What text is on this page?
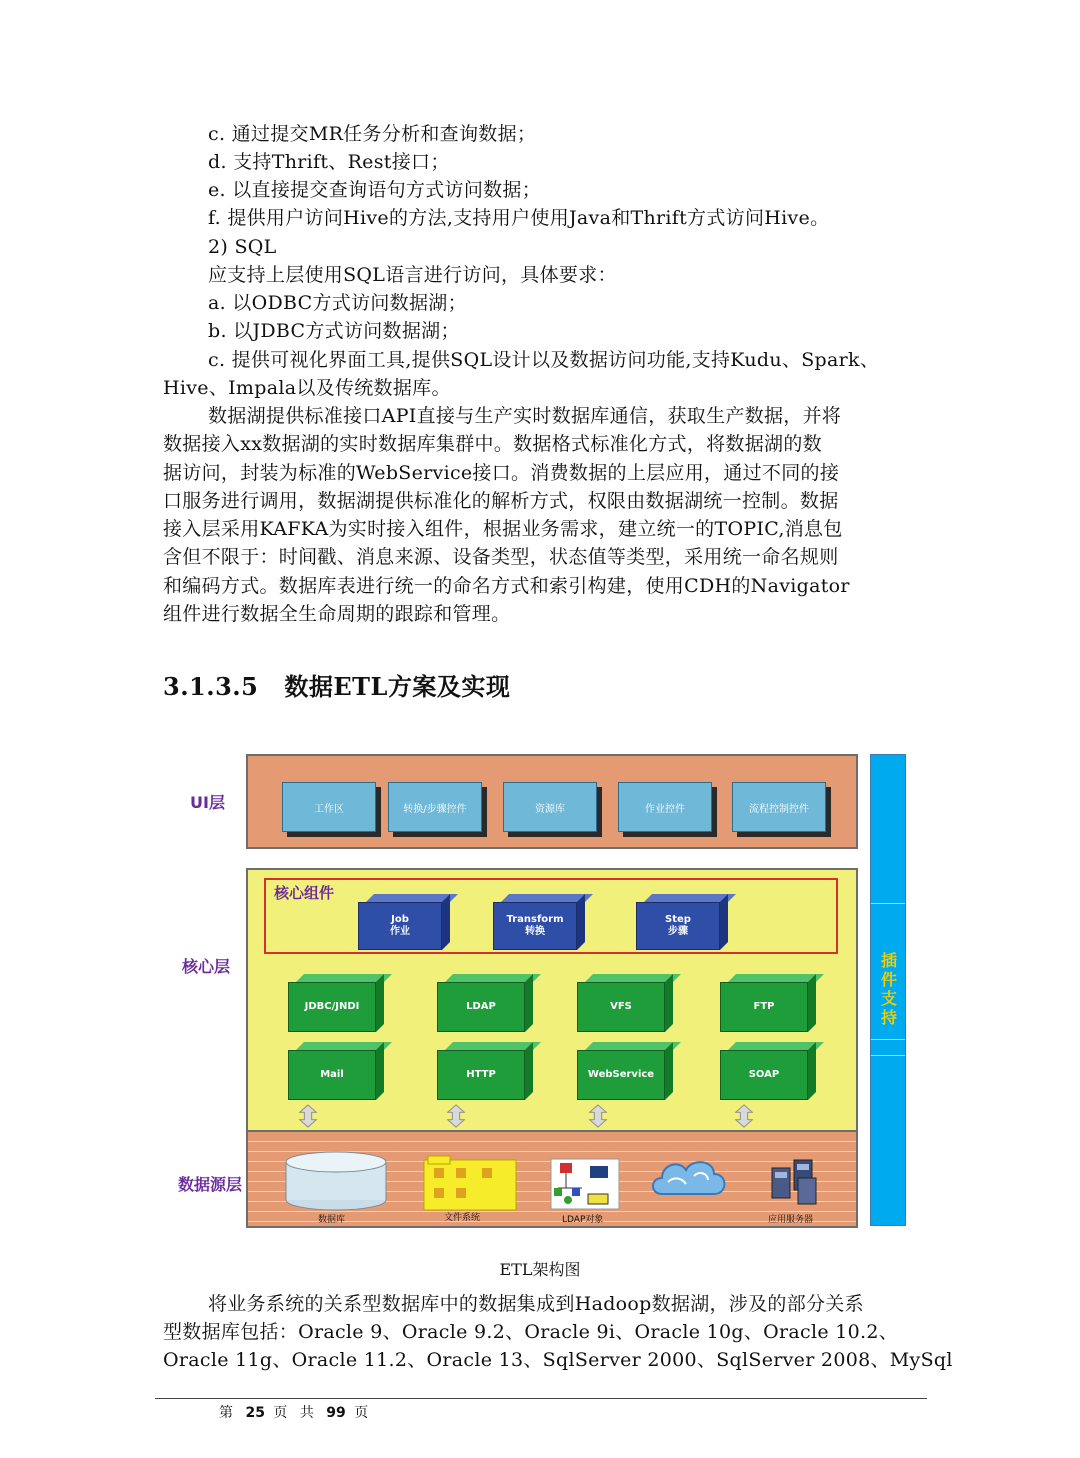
c. 通过提交MR任务分析和查询数据；
d. 支持Thrift、Rest接口；
e. 以直接提交查询语句方式访问数据；
f. 提供用户访问Hive的方法,支持用户使用Java和Thrift方式访问Hive。
2) SQL
应支持上层使用SQL语言进行访问，具体要求：
a. 以ODBC方式访问数据湖；
b. 以JDBC方式访问数据湖；
c. 提供可视化界面工具,提供SQL设计以及数据访问功能,支持Kudu、Spark、
Hive、Impala以及传统数据库。
数据湖提供标准接口API直接与生产实时数据库通信，获取生产数据，并将
数据接入xx数据湖的实时数据库集群中。数据格式标准化方式，将数据湖的数
据访问，封装为标准的WebService接口。消费数据的上层应用，通过不同的接
口服务进行调用，数据湖提供标准化的解析方式，权限由数据湖统一控制。数据
接入层采用KAFKA为实时接入组件，根据业务需求，建立统一的TOPIC,消息包
含但不限于：时间戳、消息来源、设备类型，状态值等类型，采用统一命名规则
和编码方式。数据库表进行统一的命名方式和索引构建，使用CDH的Navigator
组件进行数据全生命周期的跟踪和管理。
3.1.3.5 数据ETL方案及实现
UI层
核心层
数据源层
工作区	转换/步骤控件	资源库	作业控件	流程控制控件
核心组件
Job
作业
Transform
转换
Step
步骤
JDBC/JNDI	LDAP	VFS	FTP
Mail	HTTP	WebService	SOAP
数据库	文件系统	LDAP对象	应用服务器
插
件
支
持
ETL架构图
将业务系统的关系型数据库中的数据集成到Hadoop数据湖，涉及的部分关系
型数据库包括：Oracle 9、Oracle 9.2、Oracle 9i、Oracle 10g、Oracle 10.2、
Oracle 11g、Oracle 11.2、Oracle 13、SqlServer 2000、SqlServer 2008、MySql
第 25 页 共 99 页
